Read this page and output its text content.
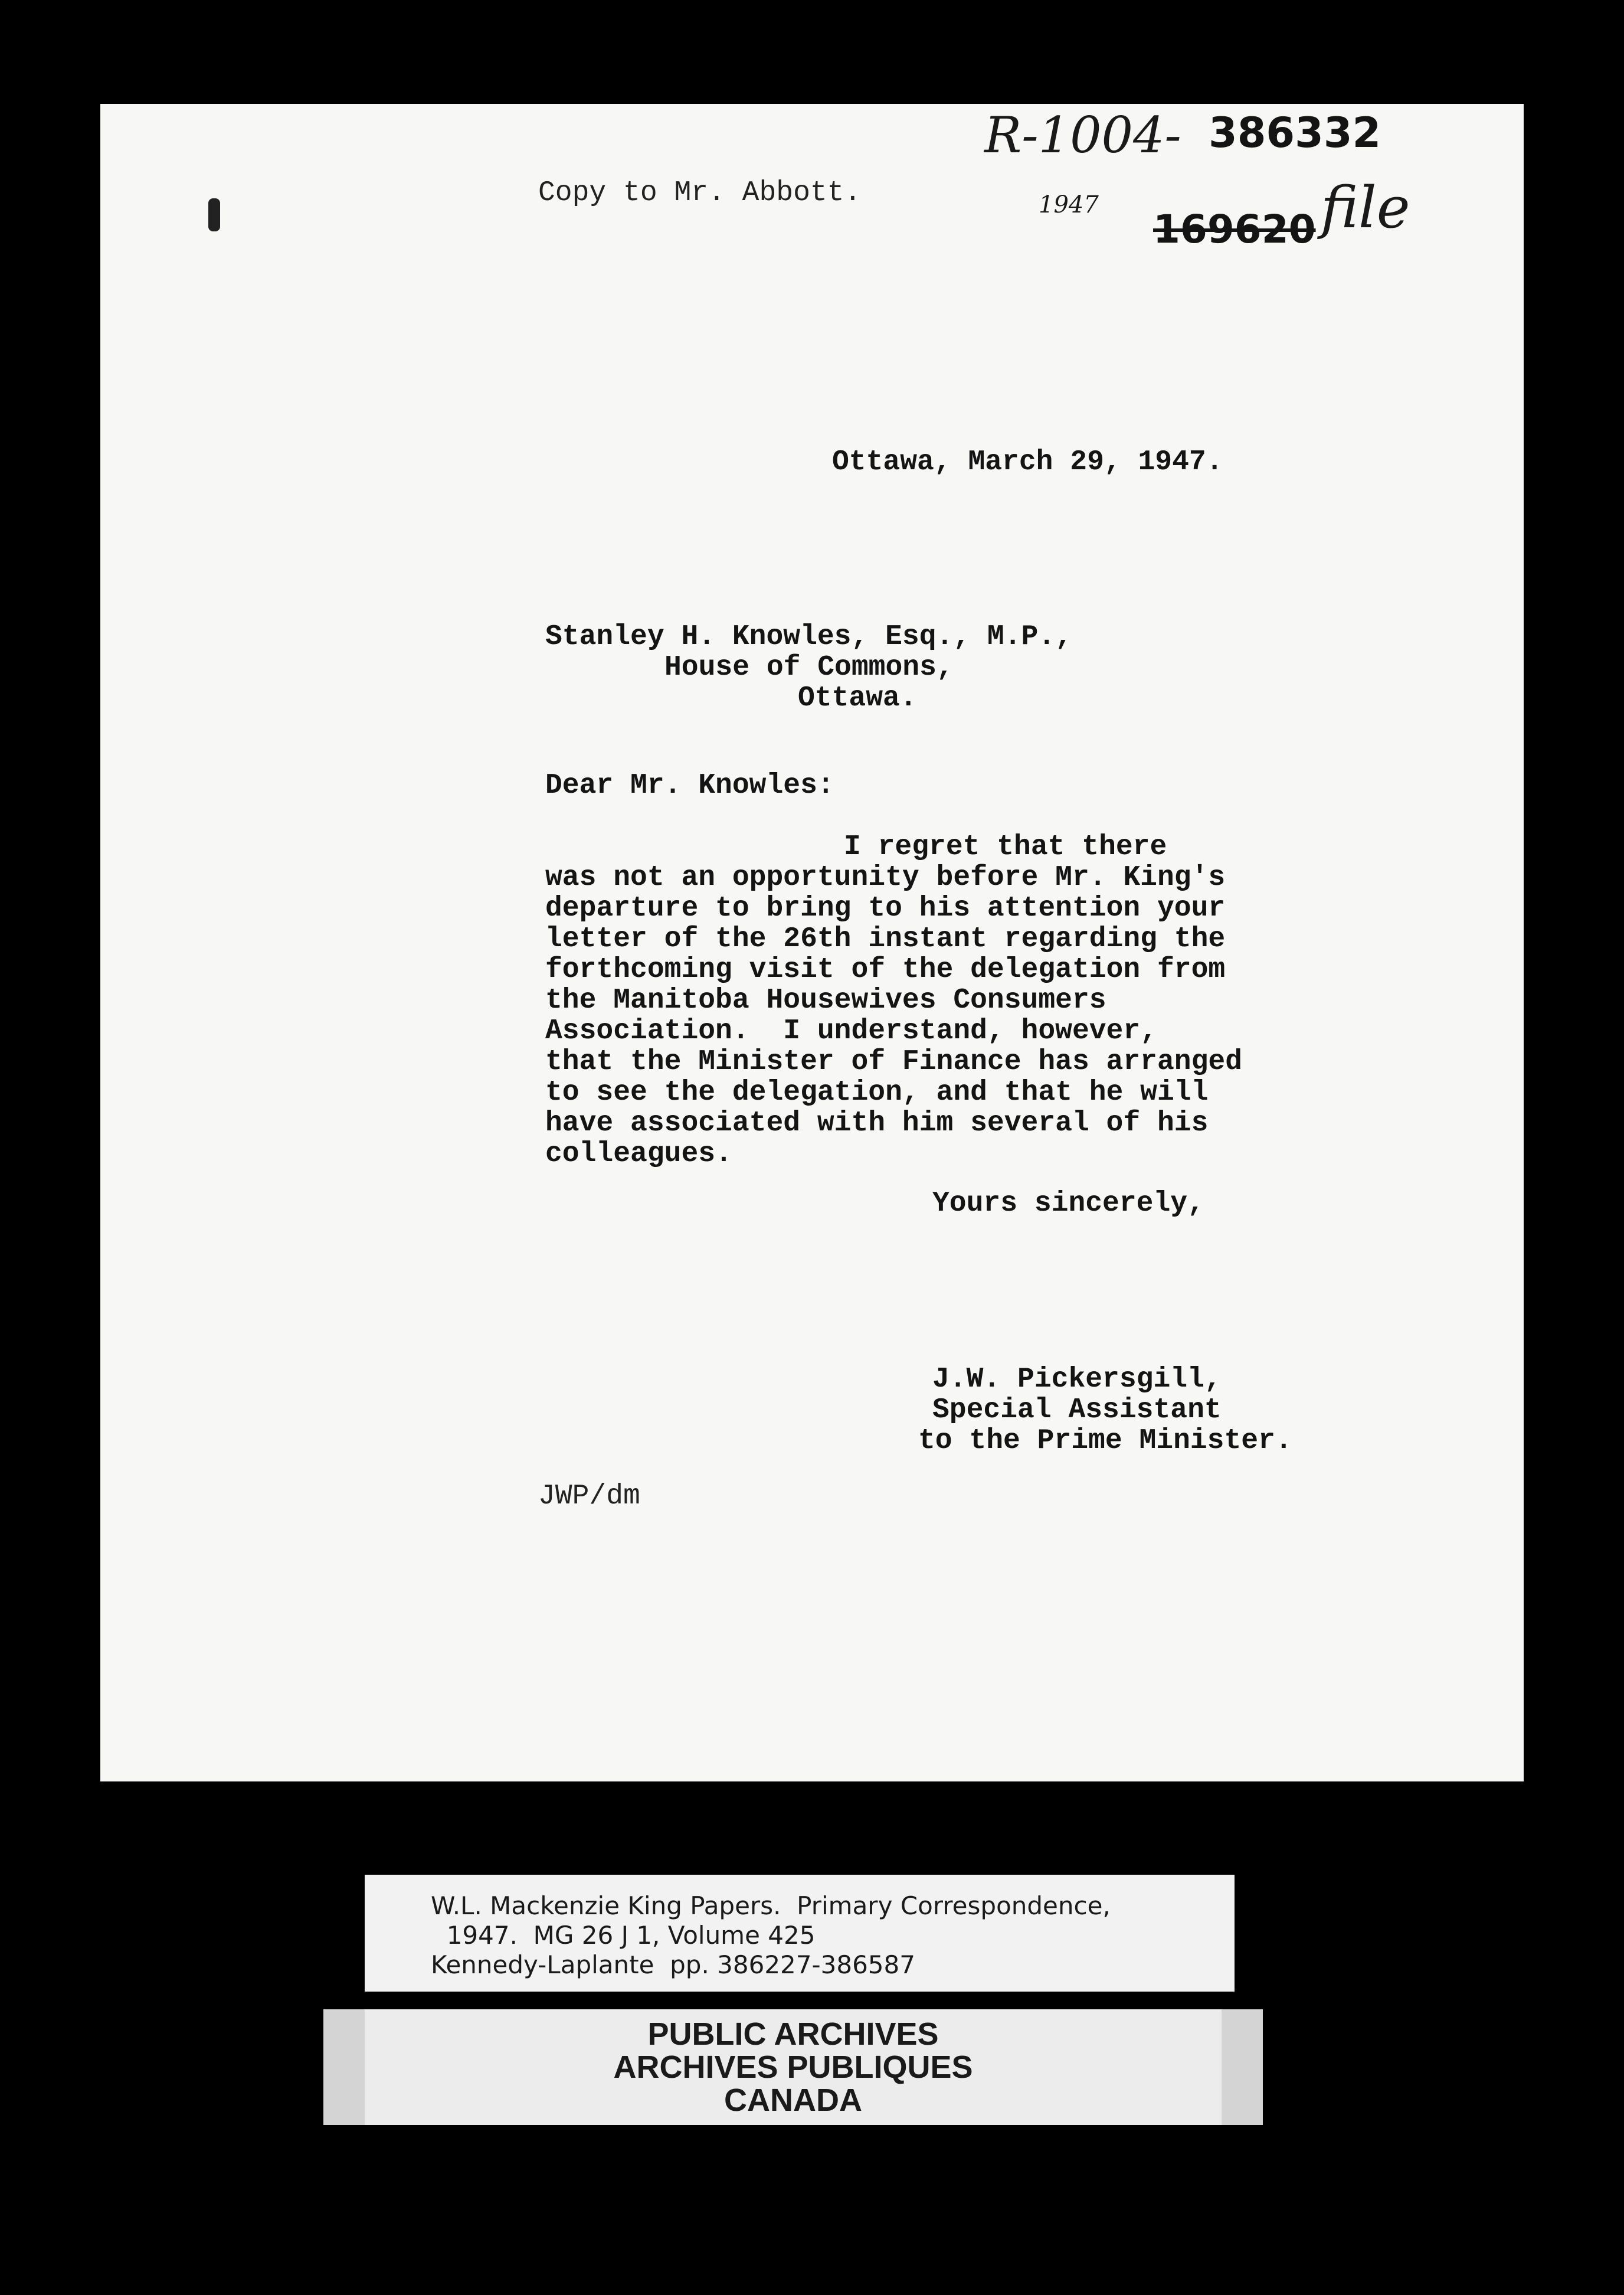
Copy to Mr. Abbott.
386332
R-1004-
1947
169620 file
Ottawa, March 29, 1947.
Stanley H. Knowles, Esq., M.P.,
House of Commons,
Ottawa.
Dear Mr. Knowles:
I regret that there
was not an opportunity before Mr. King's
departure to bring to his attention your
letter of the 26th instant regarding the
forthcoming visit of the delegation from
the Manitoba Housewives Consumers
Association.  I understand, however,
that the Minister of Finance has arranged
to see the delegation, and that he will
have associated with him several of his
colleagues.
Yours sincerely,
J.W. Pickersgill,
Special Assistant
to the Prime Minister.
JWP/dm
W.L. Mackenzie King Papers.  Primary Correspondence,
1947.  MG 26 J 1, Volume 425
Kennedy-Laplante  pp. 386227-386587
PUBLIC ARCHIVES
ARCHIVES PUBLIQUES
CANADA
